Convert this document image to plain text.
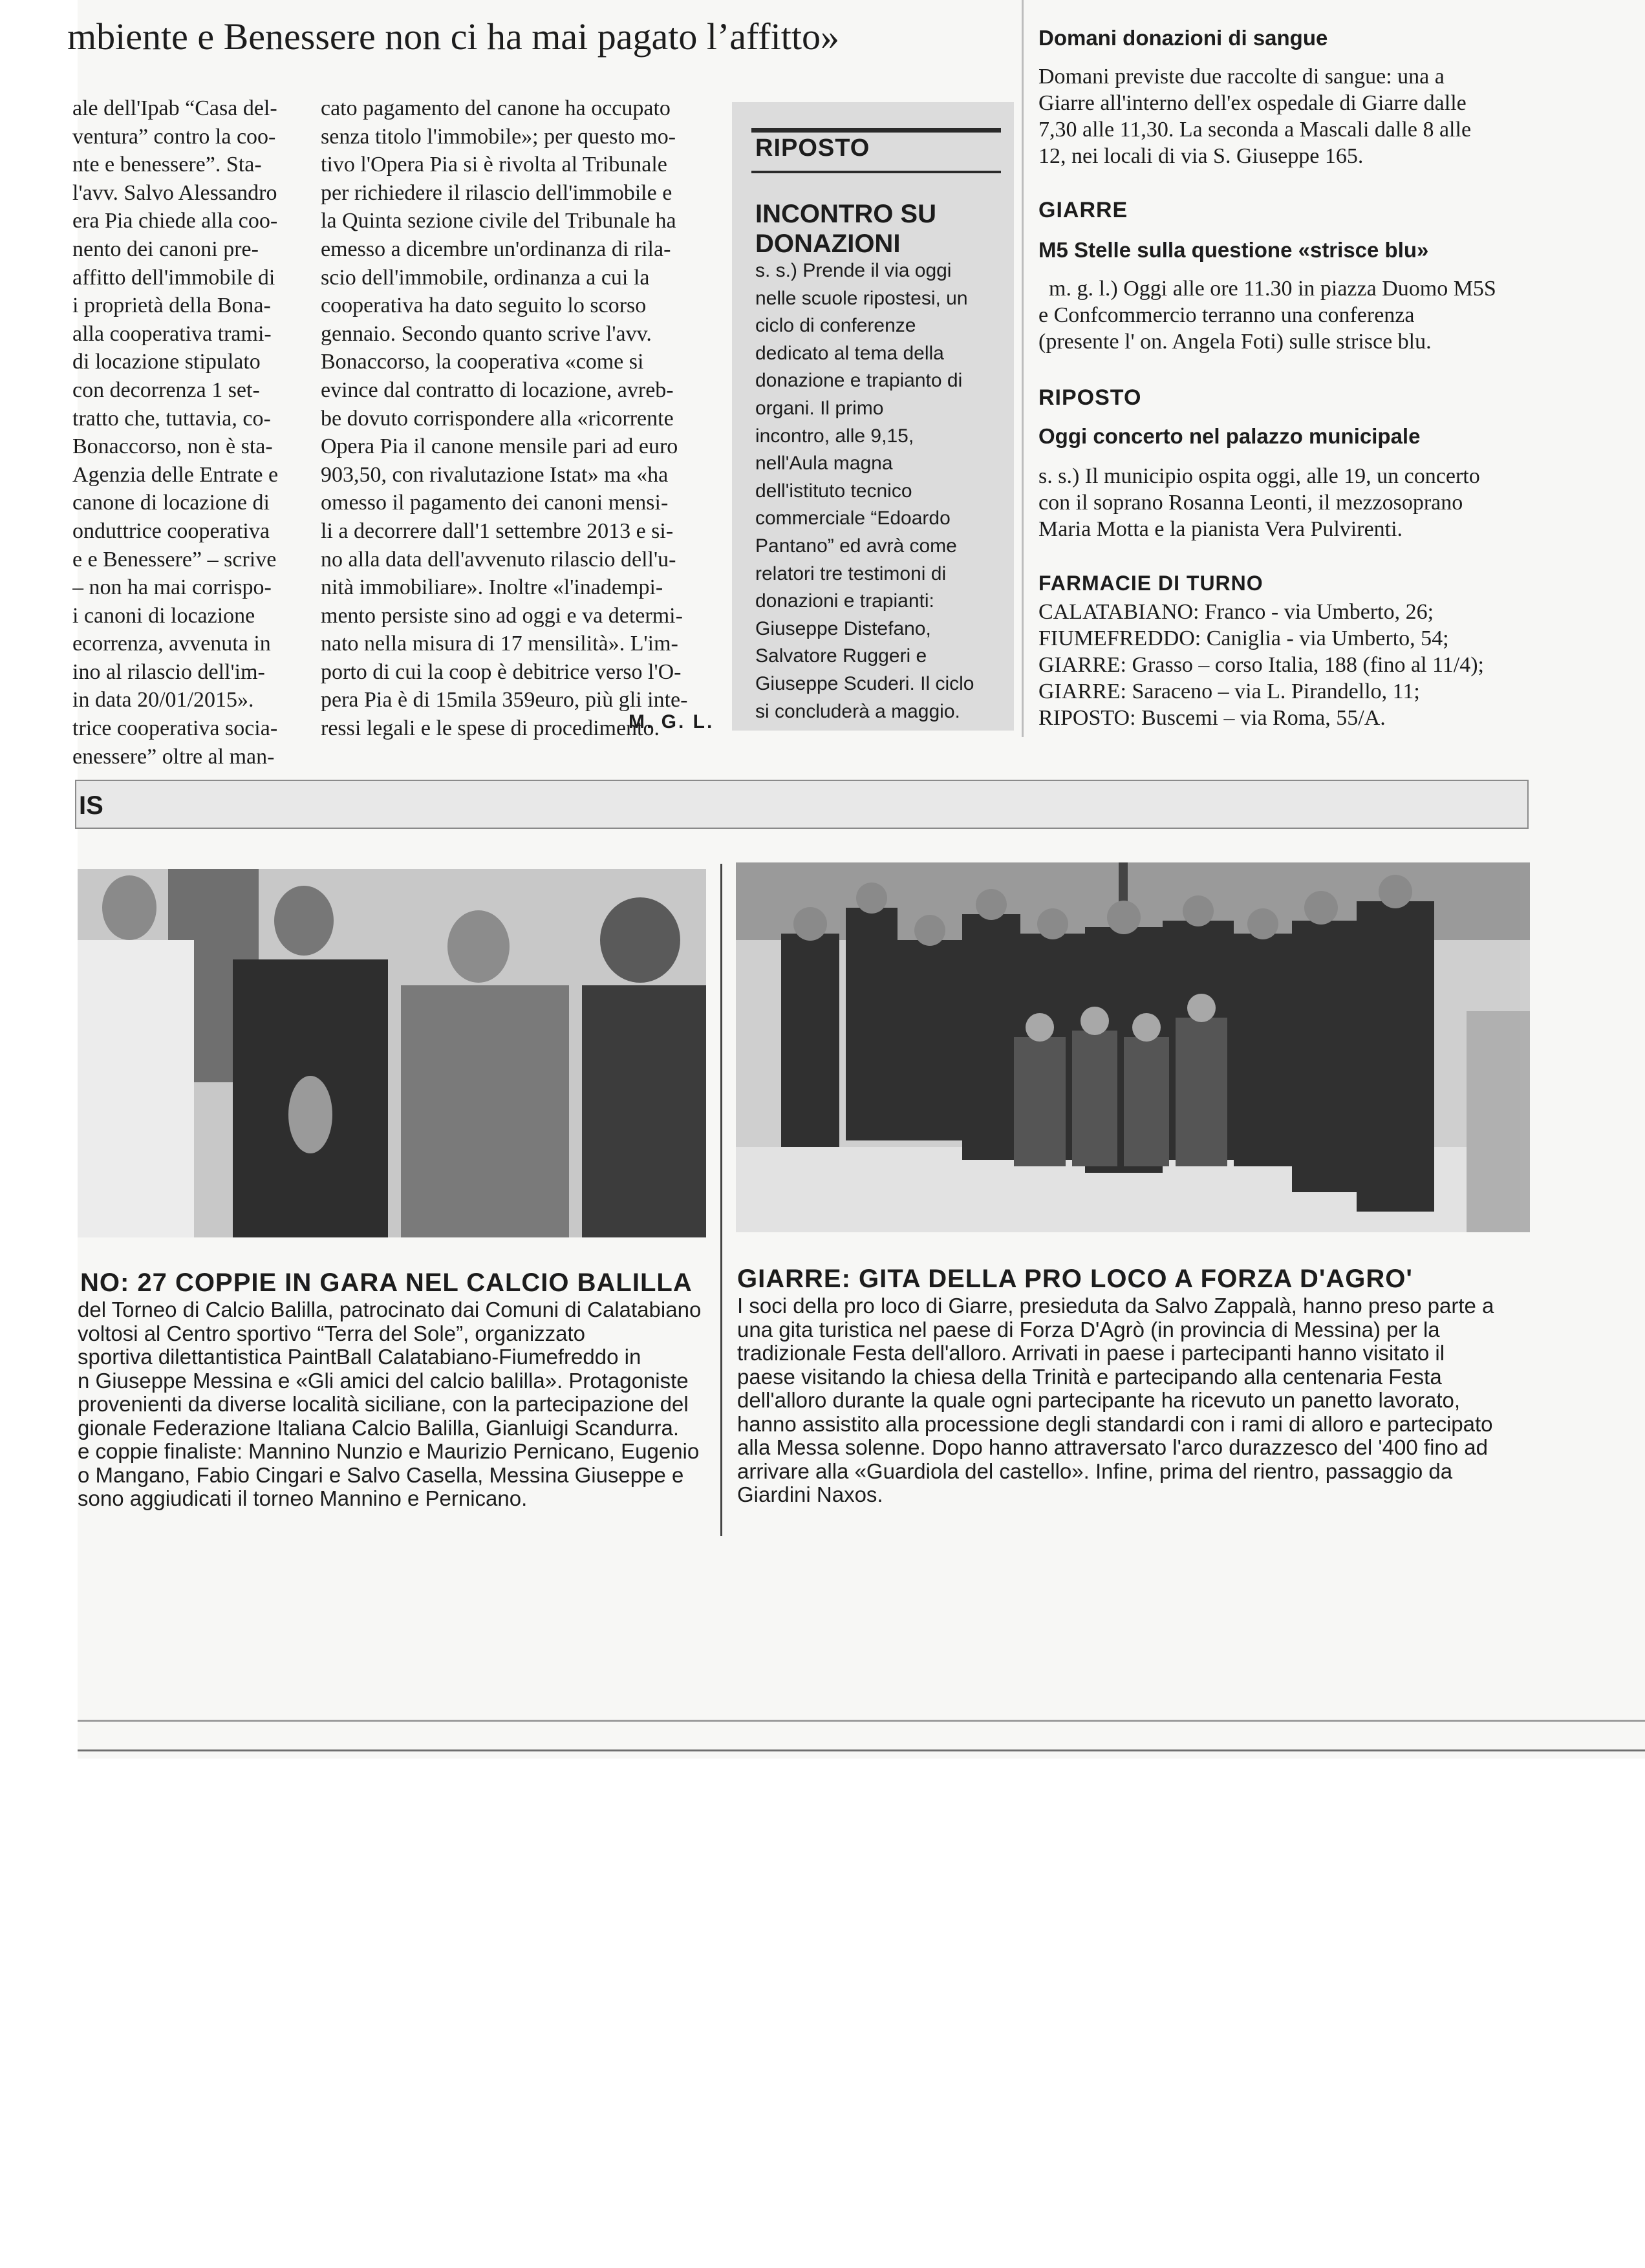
mbiente e Benessere non ci ha mai pagato l’affitto»

ale dell'Ipab “Casa del-

ventura” contro la coo-

nte e benessere”. Sta-

l'avv. Salvo Alessandro

era Pia chiede alla coo-

nento dei canoni pre-

affitto dell'immobile di

i proprietà della Bona-

alla cooperativa trami-

di locazione stipulato

con decorrenza 1 set-

tratto che, tuttavia, co-

Bonaccorso, non è sta-

Agenzia delle Entrate e

canone di locazione di

onduttrice cooperativa

e e Benessere” – scrive

– non ha mai corrispo-

i canoni di locazione

ecorrenza, avvenuta in

ino al rilascio dell'im-

in data 20/01/2015».

trice cooperativa socia-

enessere” oltre al man-

cato pagamento del canone ha occupato

senza titolo l'immobile»; per questo mo-

tivo l'Opera Pia si è rivolta al Tribunale

per richiedere il rilascio dell'immobile e

la Quinta sezione civile del Tribunale ha

emesso a dicembre un'ordinanza di rila-

scio dell'immobile, ordinanza a cui la

cooperativa ha dato seguito lo scorso

gennaio. Secondo quanto scrive l'avv.

Bonaccorso, la cooperativa «come si

evince dal contratto di locazione, avreb-

be dovuto corrispondere alla «ricorrente

Opera Pia il canone mensile pari ad euro

903,50, con rivalutazione Istat» ma «ha

omesso il pagamento dei canoni mensi-

li a decorrere dall'1 settembre 2013 e si-

no alla data dell'avvenuto rilascio dell'u-

nità immobiliare». Inoltre «l'inadempi-

mento persiste sino ad oggi e va determi-

nato nella misura di 17 mensilità». L'im-

porto di cui la coop è debitrice verso l'O-

pera Pia è di 15mila 359euro, più gli inte-

ressi legali e le spese di procedimento.

M. G. L.
RIPOSTO
INCONTRO SU DONAZIONI

s. s.) Prende il via oggi

nelle scuole ripostesi, un

ciclo di conferenze

dedicato al tema della

donazione e trapianto di

organi. Il primo

incontro, alle 9,15,

nell'Aula magna

dell'istituto tecnico

commerciale “Edoardo

Pantano” ed avrà come

relatori tre testimoni di

donazioni e trapianti:

Giuseppe Distefano,

Salvatore Ruggeri e

Giuseppe Scuderi. Il ciclo

si concluderà a maggio.

Domani donazioni di sangue

Domani previste due raccolte di sangue: una a

Giarre all'interno dell'ex ospedale di Giarre dalle

7,30 alle 11,30. La seconda a Mascali dalle 8 alle

12, nei locali di via S. Giuseppe 165.

GIARRE
M5 Stelle sulla questione «strisce blu»

m. g. l.) Oggi alle ore 11.30 in piazza Duomo M5S

e Confcommercio terranno una conferenza

(presente l' on. Angela Foti) sulle strisce blu.

RIPOSTO
Oggi concerto nel palazzo municipale

s. s.) Il municipio ospita oggi, alle 19, un concerto

con il soprano Rosanna Leonti, il mezzosoprano

Maria Motta e la pianista Vera Pulvirenti.

FARMACIE DI TURNO

CALATABIANO: Franco - via Umberto, 26;

FIUMEFREDDO: Caniglia - via Umberto, 54;

GIARRE: Grasso – corso Italia, 188 (fino al 11/4);

GIARRE: Saraceno – via L. Pirandello, 11;

RIPOSTO: Buscemi – via Roma, 55/A.

IS
NO: 27 COPPIE IN GARA NEL CALCIO BALILLA

del Torneo di Calcio Balilla, patrocinato dai Comuni di Calatabiano

voltosi al Centro sportivo “Terra del Sole”, organizzato

sportiva dilettantistica PaintBall Calatabiano-Fiumefreddo in

n Giuseppe Messina e «Gli amici del calcio balilla». Protagoniste

provenienti da diverse località siciliane, con la partecipazione del

gionale Federazione Italiana Calcio Balilla, Gianluigi Scandurra.

e coppie finaliste: Mannino Nunzio e Maurizio Pernicano, Eugenio

o Mangano, Fabio Cingari e Salvo Casella, Messina Giuseppe e

sono aggiudicati il torneo Mannino e Pernicano.

GIARRE: GITA DELLA PRO LOCO A FORZA D'AGRO'

I soci della pro loco di Giarre, presieduta da Salvo Zappalà, hanno preso parte a

una gita turistica nel paese di Forza D'Agrò (in provincia di Messina) per la

tradizionale Festa dell'alloro. Arrivati in paese i partecipanti hanno visitato il

paese visitando la chiesa della Trinità e partecipando alla centenaria Festa

dell'alloro durante la quale ogni partecipante ha ricevuto un panetto lavorato,

hanno assistito alla processione degli standardi con i rami di alloro e partecipato

alla Messa solenne. Dopo hanno attraversato l'arco durazzesco del '400 fino ad

arrivare alla «Guardiola del castello». Infine, prima del rientro, passaggio da

Giardini Naxos.
